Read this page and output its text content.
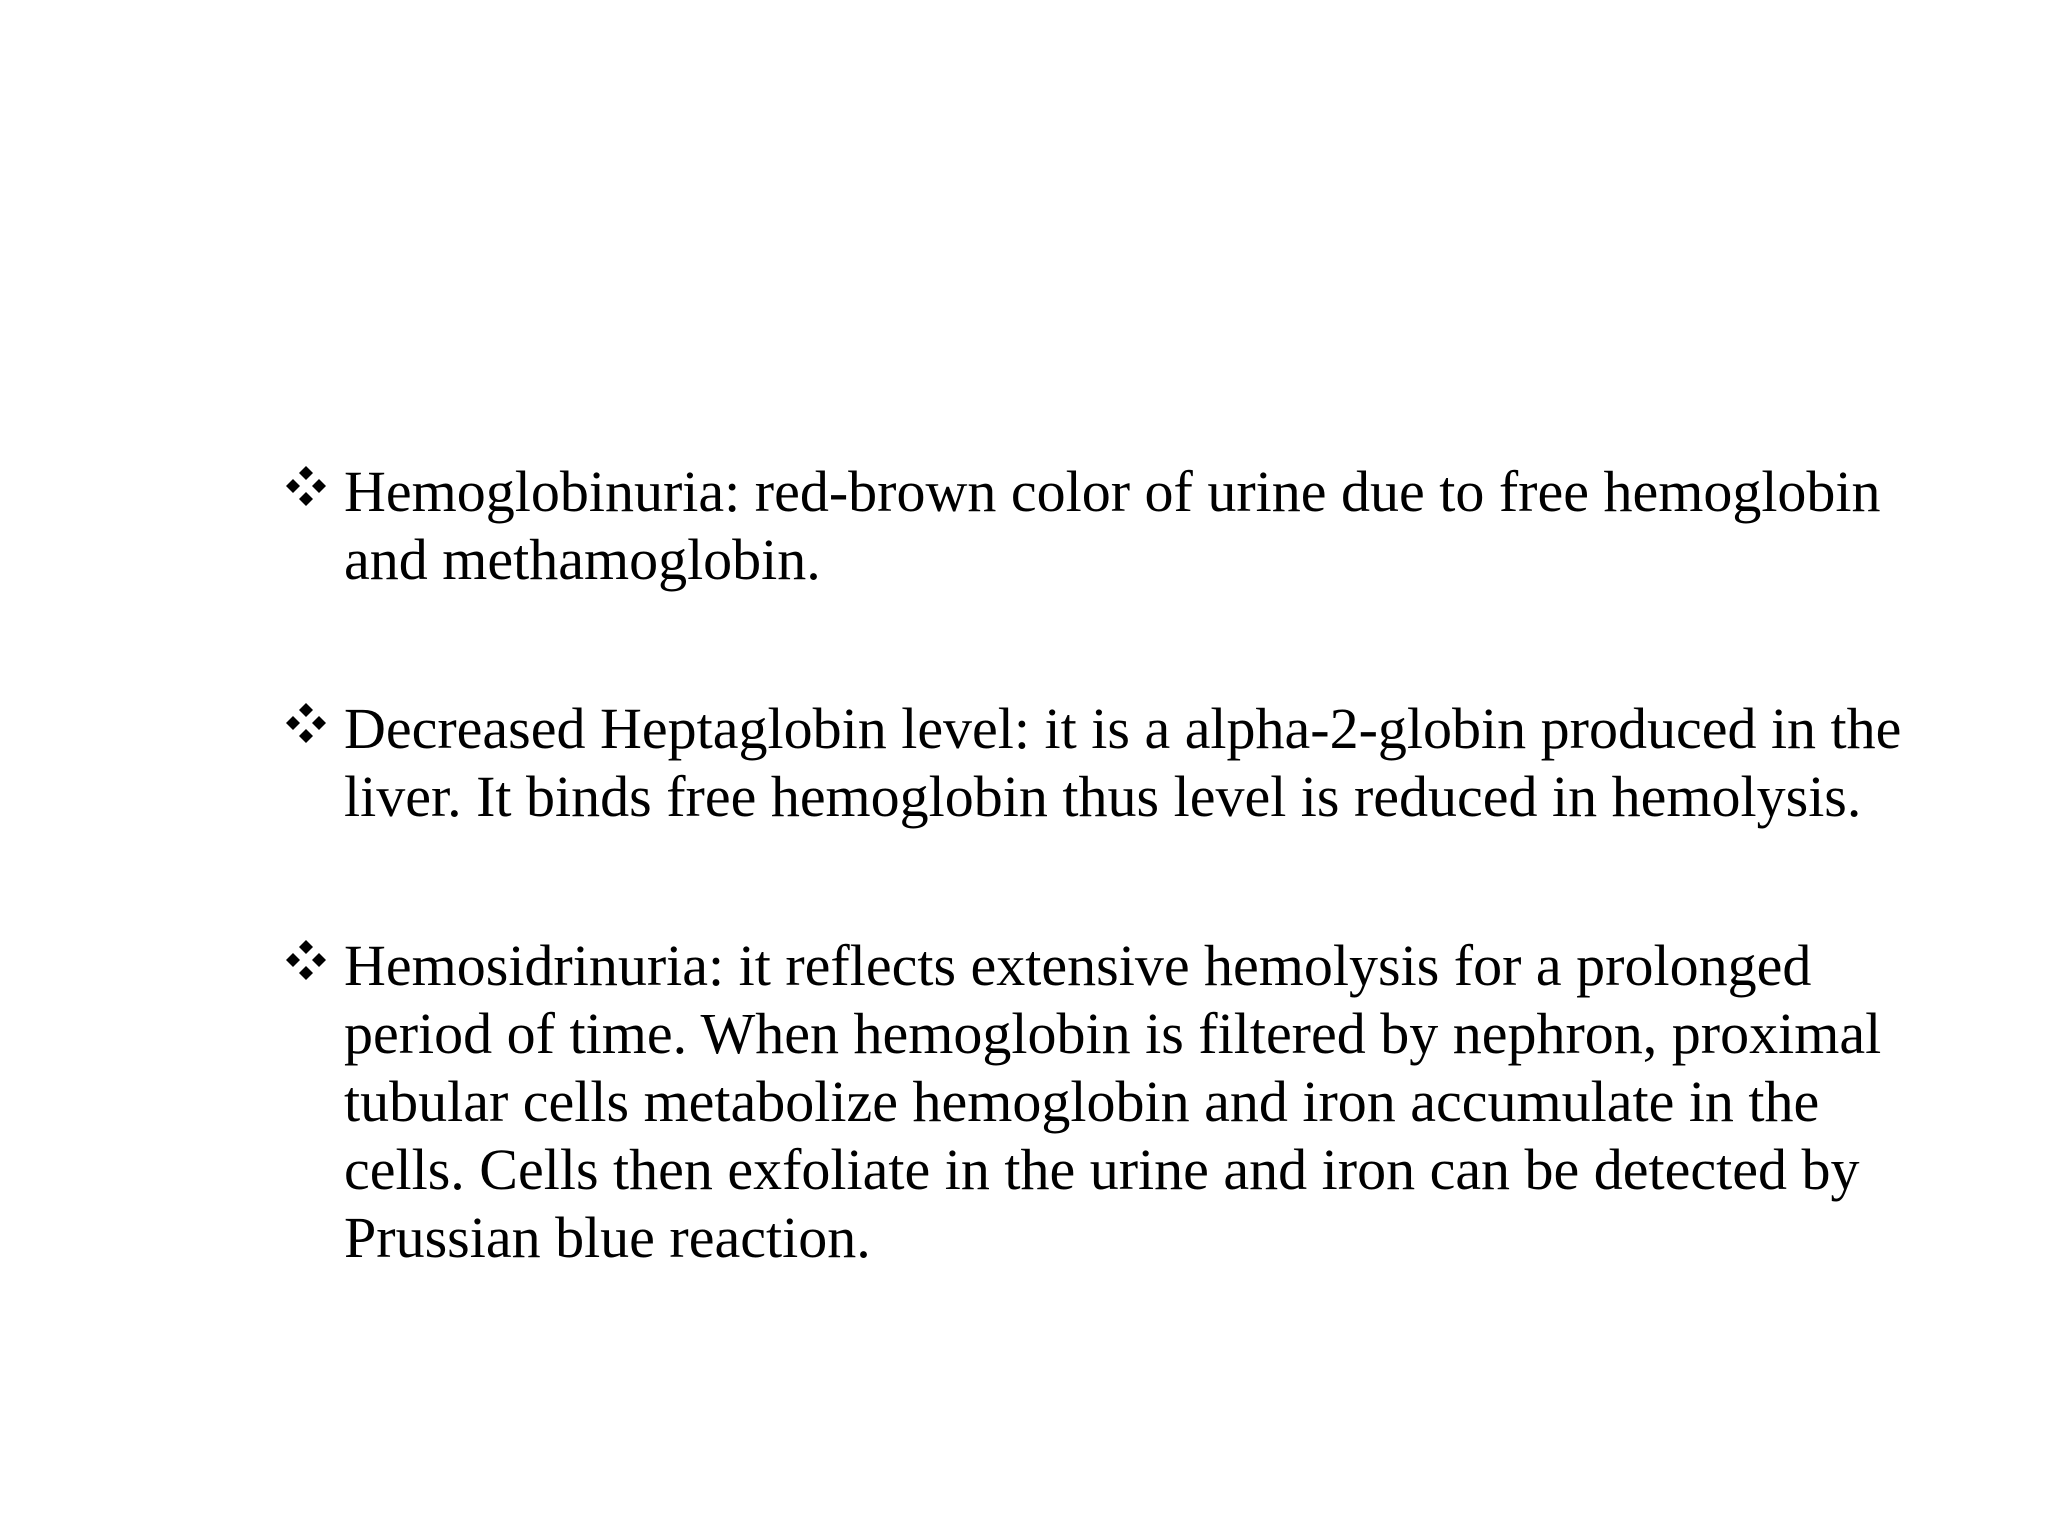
Hemoglobinuria: red-brown color of urine due to free hemoglobin and methamoglobin.
Decreased Heptaglobin level: it is a alpha-2-globin produced in the liver. It binds free hemoglobin thus level is reduced in hemolysis.
Hemosidrinuria: it reflects extensive hemolysis for a prolonged period of time. When hemoglobin is filtered by nephron, proximal tubular cells metabolize hemoglobin and iron accumulate in the cells. Cells then exfoliate in the urine and iron can be detected by Prussian blue reaction.
